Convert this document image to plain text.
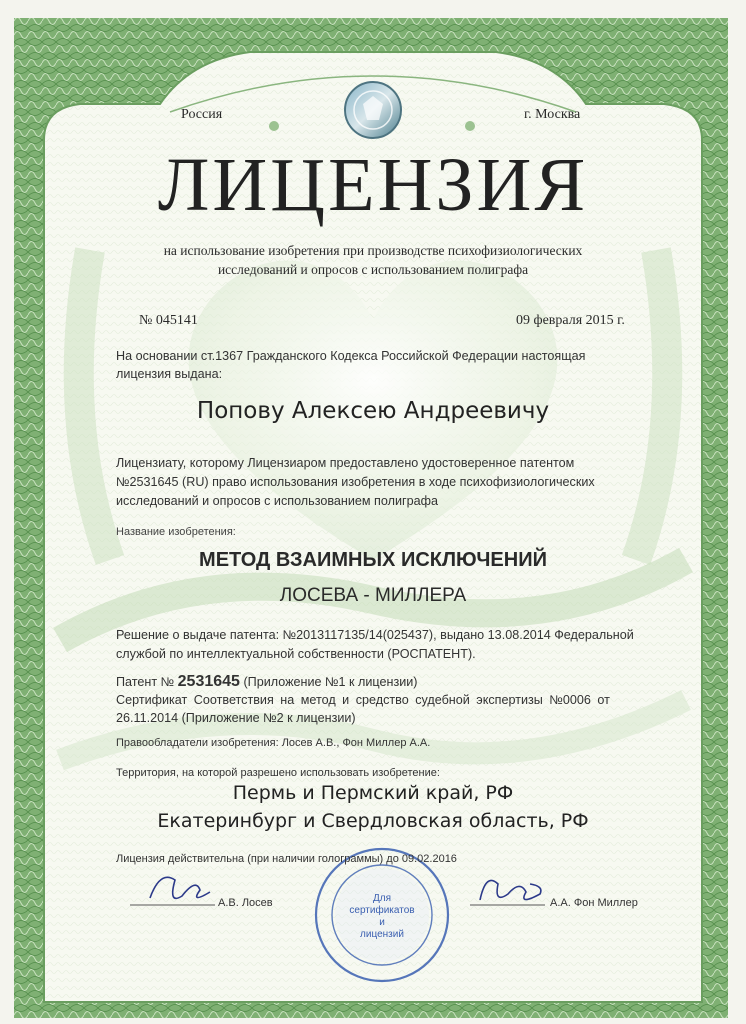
Россия	г. Москва
ЛИЦЕНЗИЯ
на использование изобретения при производстве психофизиологических
исследований и опросов с использованием полиграфа
№ 045141	09 февраля 2015 г.
На основании ст.1367 Гражданского Кодекса Российской Федерации настоящая
лицензия выдана:
Попову Алексею Андреевичу
Лицензиату, которому Лицензиаром предоставлено удостоверенное патентом
№2531645 (RU) право использования изобретения в ходе психофизиологических
исследований и опросов с использованием полиграфа
Название изобретения:
МЕТОД ВЗАИМНЫХ ИСКЛЮЧЕНИЙ
ЛОСЕВА - МИЛЛЕРА
Решение о выдаче патента: №2013117135/14(025437), выдано 13.08.2014 Федеральной
службой по интеллектуальной собственности (РОСПАТЕНТ).
Патент № 2531645 (Приложение №1 к лицензии)
Сертификат Соответствия на метод и средство судебной экспертизы №0006 от
26.11.2014 (Приложение №2 к лицензии)
Правообладатели изобретения: Лосев А.В., Фон Миллер А.А.
Территория, на которой разрешено использовать изобретение:
Пермь и Пермский край, РФ
Екатеринбург и Свердловская область, РФ
Лицензия действительна (при наличии голограммы) до 09.02.2016
А.В. Лосев	А.А. Фон Миллер
Для
сертификатов
и
лицензий
